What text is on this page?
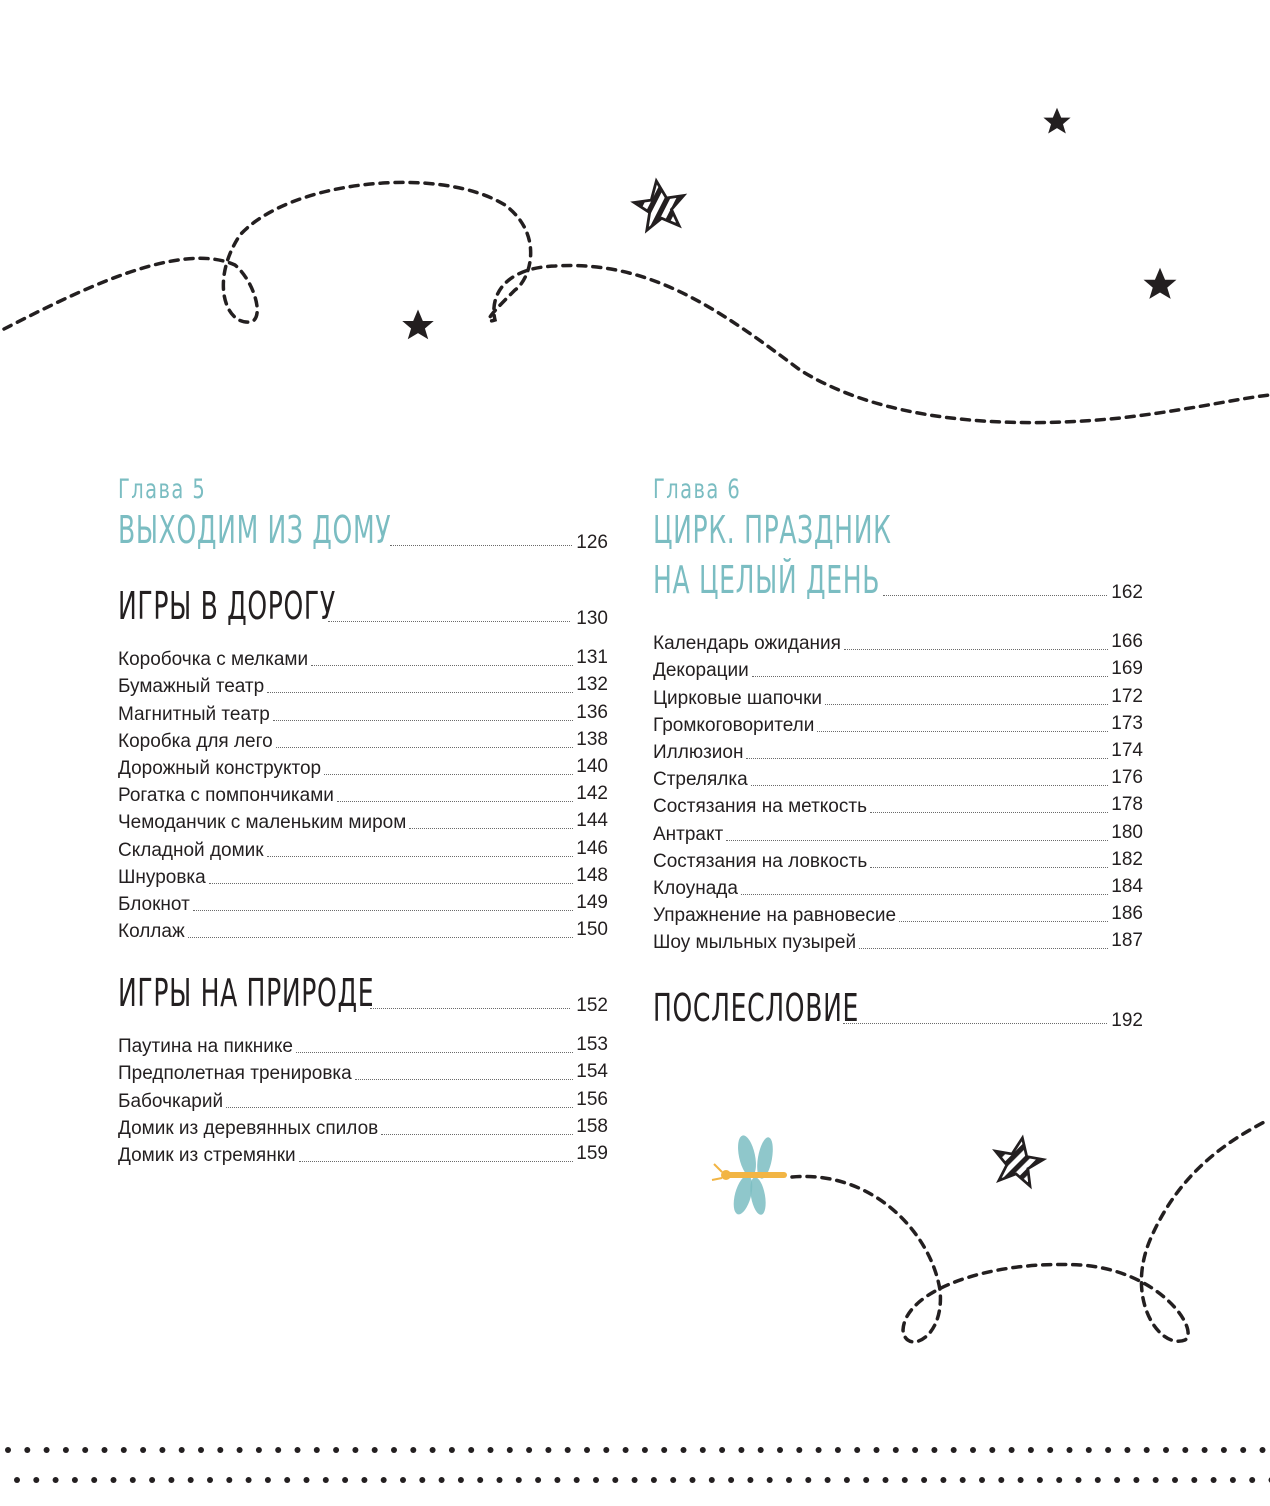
Глава 5
ВЫХОДИМ ИЗ ДОМУ	126
ИГРЫ В ДОРОГУ	130
Коробочка с мелками	131
Бумажный театр	132
Магнитный театр	136
Коробка для лего	138
Дорожный конструктор	140
Рогатка с помпончиками	142
Чемоданчик с маленьким миром	144
Складной домик	146
Шнуровка	148
Блокнот	149
Коллаж	150
ИГРЫ НА ПРИРОДЕ	152
Паутина на пикнике	153
Предполетная тренировка	154
Бабочкарий	156
Домик из деревянных спилов	158
Домик из стремянки	159
Глава 6
ЦИРК. ПРАЗДНИК
НА ЦЕЛЫЙ ДЕНЬ	162
Календарь ожидания	166
Декорации	169
Цирковые шапочки	172
Громкоговорители	173
Иллюзион	174
Стрелялка	176
Состязания на меткость	178
Антракт	180
Состязания на ловкость	182
Клоунада	184
Упражнение на равновесие	186
Шоу мыльных пузырей	187
ПОСЛЕСЛОВИЕ	192
